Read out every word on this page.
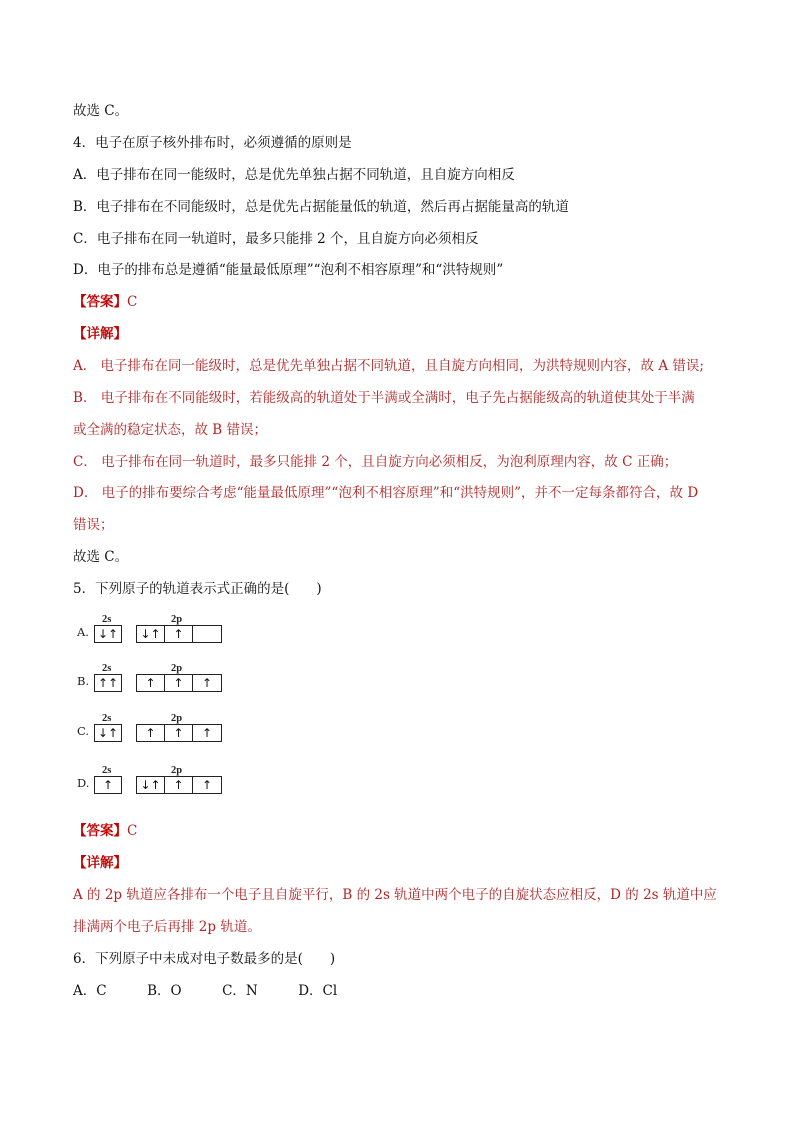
故选 C。
4．电子在原子核外排布时，必须遵循的原则是
A．电子排布在同一能级时，总是优先单独占据不同轨道，且自旋方向相反
B．电子排布在不同能级时，总是优先占据能量低的轨道，然后再占据能量高的轨道
C．电子排布在同一轨道时，最多只能排 2 个，且自旋方向必须相反
D．电子的排布总是遵循“能量最低原理”“泡利不相容原理”和“洪特规则”
【答案】C
【详解】
A． 电子排布在同一能级时，总是优先单独占据不同轨道，且自旋方向相同，为洪特规则内容，故 A 错误;
B． 电子排布在不同能级时，若能级高的轨道处于半满或全满时，电子先占据能级高的轨道使其处于半满
或全满的稳定状态，故 B 错误；
C． 电子排布在同一轨道时，最多只能排 2 个，且自旋方向必须相反，为泡利原理内容，故 C 正确；
D． 电子的排布要综合考虑“能量最低原理”“泡利不相容原理”和“洪特规则”，并不一定每条都符合，故 D
错误；
故选 C。
5．下列原子的轨道表示式正确的是(　　)
A.
2s	2p
↓↑ ↓↑	↑
B.
2s	2p
↑↑	↑	↑	↑
C.
2s	2p
↓↑	↑	↑	↑
D.
2s	2p
↑	↓↑	↑	↑
【答案】C
【详解】
A 的 2p 轨道应各排布一个电子且自旋平行，B 的 2s 轨道中两个电子的自旋状态应相反，D 的 2s 轨道中应
排满两个电子后再排 2p 轨道。
6．下列原子中未成对电子数最多的是(　　)
A．C　　　B．O　　　C．N　　　D．Cl
